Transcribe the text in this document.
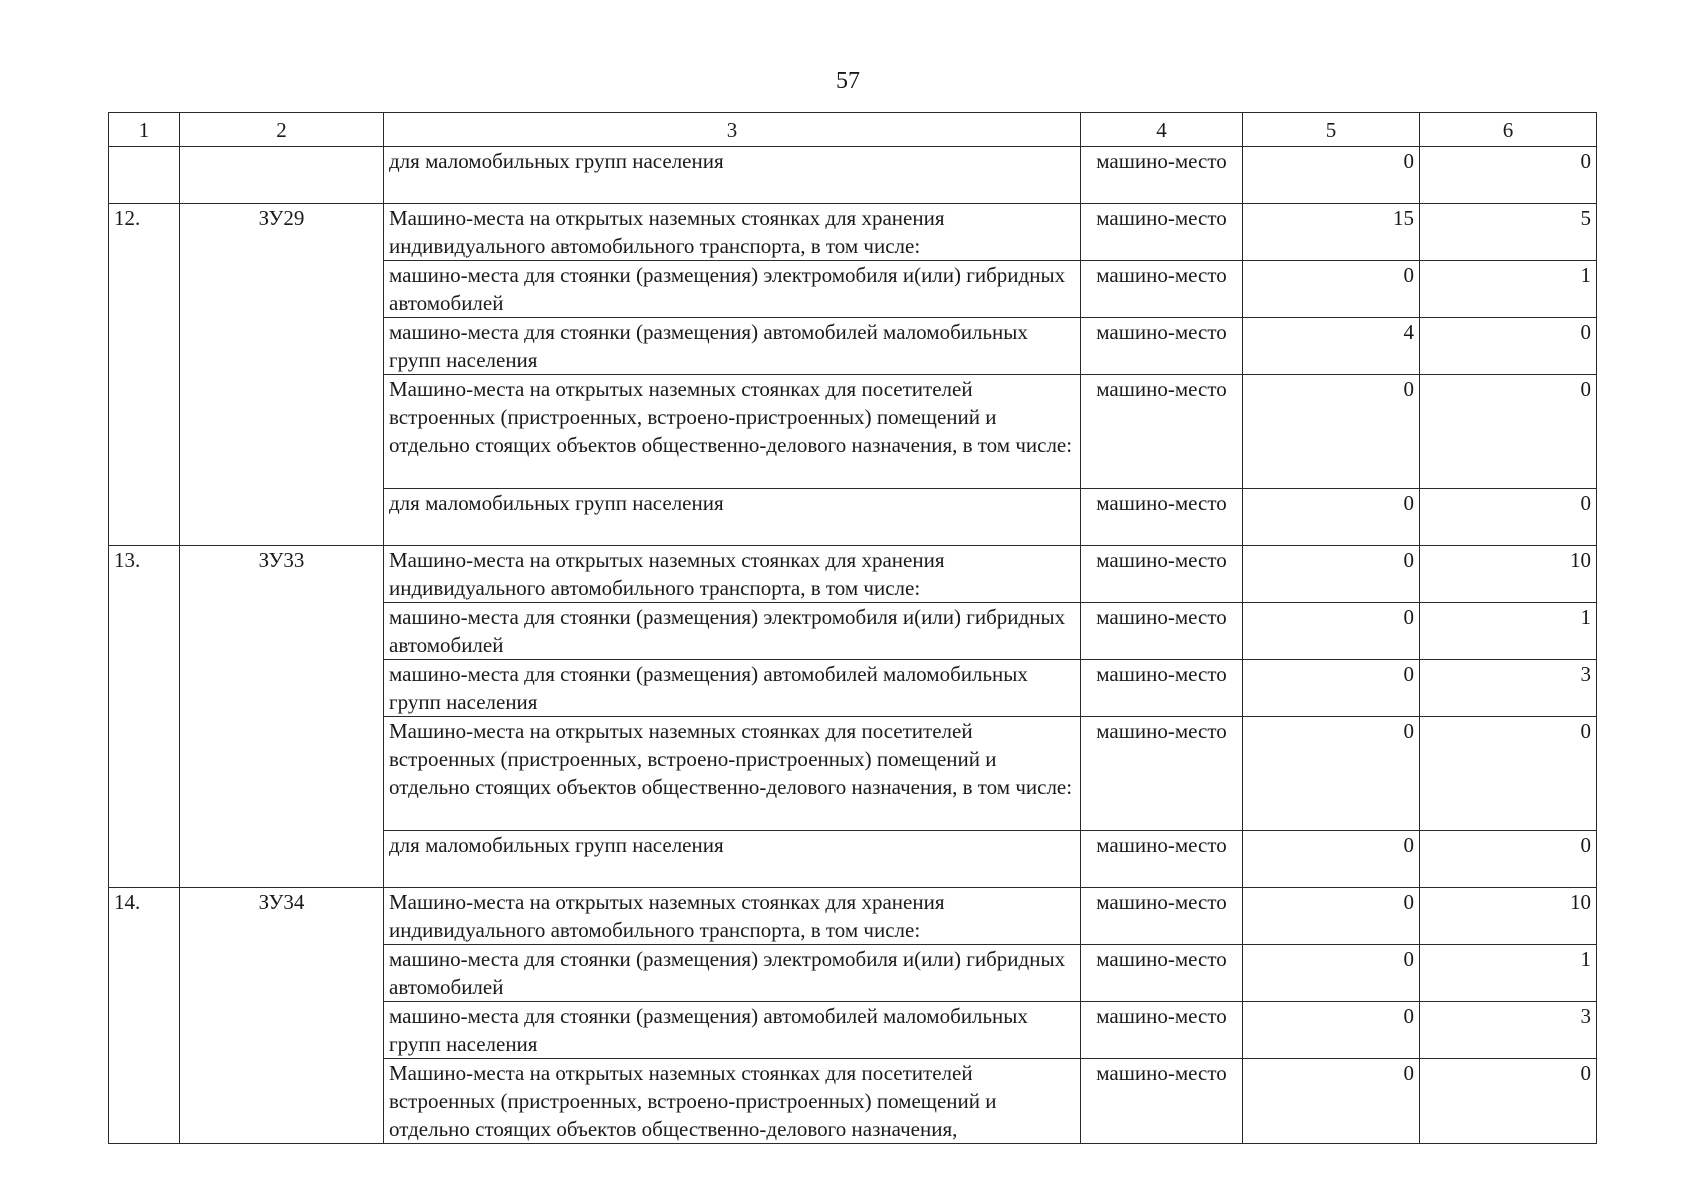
57
1	2	3	4	5	6
		для маломобильных групп населения	машино-место	0	0
12.	ЗУ29	Машино-места на открытых наземных стоянках для хранения индивидуального автомобильного транспорта, в том числе:	машино-место	15	5
		машино-места для стоянки (размещения) электромобиля и(или) гибридных автомобилей	машино-место	0	1
		машино-места для стоянки (размещения) автомобилей маломобильных групп населения	машино-место	4	0
		Машино-места на открытых наземных стоянках для посетителей встроенных (пристроенных, встроено-пристроенных) помещений и отдельно стоящих объектов общественно-делового назначения, в том числе:	машино-место	0	0
		для маломобильных групп населения	машино-место	0	0
13.	ЗУ33	Машино-места на открытых наземных стоянках для хранения индивидуального автомобильного транспорта, в том числе:	машино-место	0	10
		машино-места для стоянки (размещения) электромобиля и(или) гибридных автомобилей	машино-место	0	1
		машино-места для стоянки (размещения) автомобилей маломобильных групп населения	машино-место	0	3
		Машино-места на открытых наземных стоянках для посетителей встроенных (пристроенных, встроено-пристроенных) помещений и отдельно стоящих объектов общественно-делового назначения, в том числе:	машино-место	0	0
		для маломобильных групп населения	машино-место	0	0
14.	ЗУ34	Машино-места на открытых наземных стоянках для хранения индивидуального автомобильного транспорта, в том числе:	машино-место	0	10
		машино-места для стоянки (размещения) электромобиля и(или) гибридных автомобилей	машино-место	0	1
		машино-места для стоянки (размещения) автомобилей маломобильных групп населения	машино-место	0	3
		Машино-места на открытых наземных стоянках для посетителей встроенных (пристроенных, встроено-пристроенных) помещений и отдельно стоящих объектов общественно-делового назначения,	машино-место	0	0
